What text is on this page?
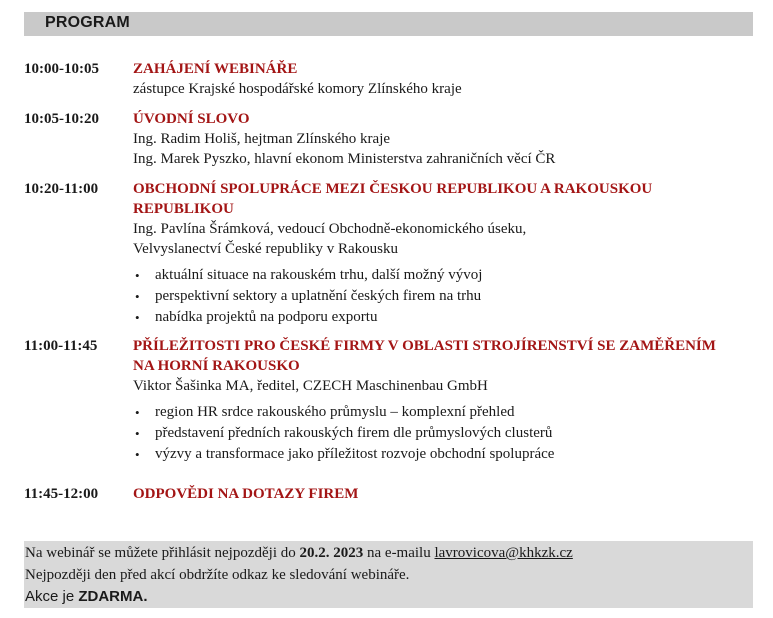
PROGRAM
10:00-10:05	ZAHÁJENÍ WEBINÁŘE
zástupce Krajské hospodářské komory Zlínského kraje
10:05-10:20	ÚVODNÍ SLOVO
Ing. Radim Holiš, hejtman Zlínského kraje
Ing. Marek Pyszko, hlavní ekonom Ministerstva zahraničních věcí ČR
10:20-11:00	OBCHODNÍ SPOLUPRÁCE MEZI ČESKOU REPUBLIKOU A RAKOUSKOU
REPUBLIKOU
Ing. Pavlína Šrámková, vedoucí Obchodně-ekonomického úseku,
Velvyslanectví České republiky v Rakousku
• aktuální situace na rakouském trhu, další možný vývoj
• perspektivní sektory a uplatnění českých firem na trhu
• nabídka projektů na podporu exportu
11:00-11:45	PŘÍLEŽITOSTI PRO ČESKÉ FIRMY V OBLASTI STROJÍRENSTVÍ SE ZAMĚŘENÍM
NA HORNÍ RAKOUSKO
Viktor Šašinka MA, ředitel, CZECH Maschinenbau GmbH
• region HR srdce rakouského průmyslu – komplexní přehled
• představení předních rakouských firem dle průmyslových clusterů
• výzvy a transformace jako příležitost rozvoje obchodní spolupráce
11:45-12:00	ODPOVĚDI NA DOTAZY FIREM
Na webinář se můžete přihlásit nejpozději do 20.2. 2023 na e-mailu lavrovicova@khkzk.cz
Nejpozději den před akcí obdržíte odkaz ke sledování webináře.
Akce je ZDARMA.
